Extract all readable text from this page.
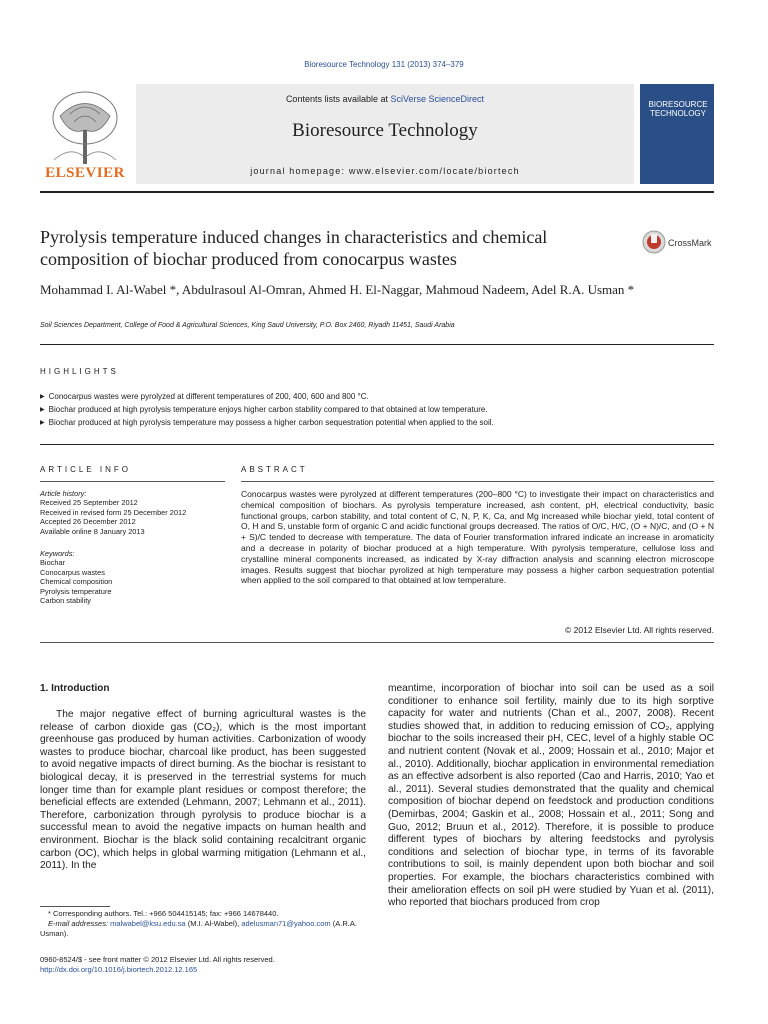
Bioresource Technology 131 (2013) 374–379
Contents lists available at SciVerse ScienceDirect
Bioresource Technology
journal homepage: www.elsevier.com/locate/biortech
ELSEVIER
BIORESOURCE TECHNOLOGY
Pyrolysis temperature induced changes in characteristics and chemical composition of biochar produced from conocarpus wastes
CrossMark
Mohammad I. Al-Wabel *, Abdulrasoul Al-Omran, Ahmed H. El-Naggar, Mahmoud Nadeem, Adel R.A. Usman *
Soil Sciences Department, College of Food & Agricultural Sciences, King Saud University, P.O. Box 2460, Riyadh 11451, Saudi Arabia
HIGHLIGHTS
▶ Conocarpus wastes were pyrolyzed at different temperatures of 200, 400, 600 and 800 °C.
▶ Biochar produced at high pyrolysis temperature enjoys higher carbon stability compared to that obtained at low temperature.
▶ Biochar produced at high pyrolysis temperature may possess a higher carbon sequestration potential when applied to the soil.
ARTICLE INFO	ABSTRACT
Article history:
Received 25 September 2012
Received in revised form 25 December 2012
Accepted 26 December 2012
Available online 8 January 2013
Keywords:
Biochar
Conocarpus wastes
Chemical composition
Pyrolysis temperature
Carbon stability
Conocarpus wastes were pyrolyzed at different temperatures (200–800 °C) to investigate their impact on characteristics and chemical composition of biochars. As pyrolysis temperature increased, ash content, pH, electrical conductivity, basic functional groups, carbon stability, and total content of C, N, P, K, Ca, and Mg increased while biochar yield, total content of O, H and S, unstable form of organic C and acidic functional groups decreased. The ratios of O/C, H/C, (O + N)/C, and (O + N + S)/C tended to decrease with temperature. The data of Fourier transformation infrared indicate an increase in aromaticity and a decrease in polarity of biochar produced at a high temperature. With pyrolysis temperature, cellulose loss and crystalline mineral components increased, as indicated by X-ray diffraction analysis and scanning electron microscope images. Results suggest that biochar pyrolized at high temperature may possess a higher carbon sequestration potential when applied to the soil compared to that obtained at low temperature.
© 2012 Elsevier Ltd. All rights reserved.
1. Introduction

The major negative effect of burning agricultural wastes is the release of carbon dioxide gas (CO₂), which is the most important greenhouse gas produced by human activities. Carbonization of woody wastes to produce biochar, charcoal like product, has been suggested to avoid negative impacts of direct burning. As the biochar is resistant to biological decay, it is preserved in the terrestrial systems for much longer time than for example plant residues or compost therefore; the beneficial effects are extended (Lehmann, 2007; Lehmann et al., 2011). Therefore, carbonization through pyrolysis to produce biochar is a successful mean to avoid the negative impacts on human health and environment. Biochar is the black solid containing recalcitrant organic carbon (OC), which helps in global warming mitigation (Lehmann et al., 2011). In the

meantime, incorporation of biochar into soil can be used as a soil conditioner to enhance soil fertility, mainly due to its high sorptive capacity for water and nutrients (Chan et al., 2007, 2008). Recent studies showed that, in addition to reducing emission of CO₂, applying biochar to the soils increased their pH, CEC, level of a highly stable OC and nutrient content (Novak et al., 2009; Hossain et al., 2010; Major et al., 2010). Additionally, biochar application in environmental remediation as an effective adsorbent is also reported (Cao and Harris, 2010; Yao et al., 2011). Several studies demonstrated that the quality and chemical composition of biochar depend on feedstock and production conditions (Demirbas, 2004; Gaskin et al., 2008; Hossain et al., 2011; Song and Guo, 2012; Bruun et al., 2012). Therefore, it is possible to produce different types of biochars by altering feedstocks and pyrolysis conditions and selection of biochar type, in terms of its favorable contributions to soil, is mainly dependent upon both biochar and soil properties. For example, the biochars characteristics combined with their amelioration effects on soil pH were studied by Yuan et al. (2011), who reported that biochars produced from crop

* Corresponding authors. Tel.: +966 504415145; fax: +966 14678440.
E-mail addresses: malwabel@ksu.edu.sa (M.I. Al-Wabel), adelusman71@yahoo.com (A.R.A. Usman).
0960-8524/$ - see front matter © 2012 Elsevier Ltd. All rights reserved.
http://dx.doi.org/10.1016/j.biortech.2012.12.165
